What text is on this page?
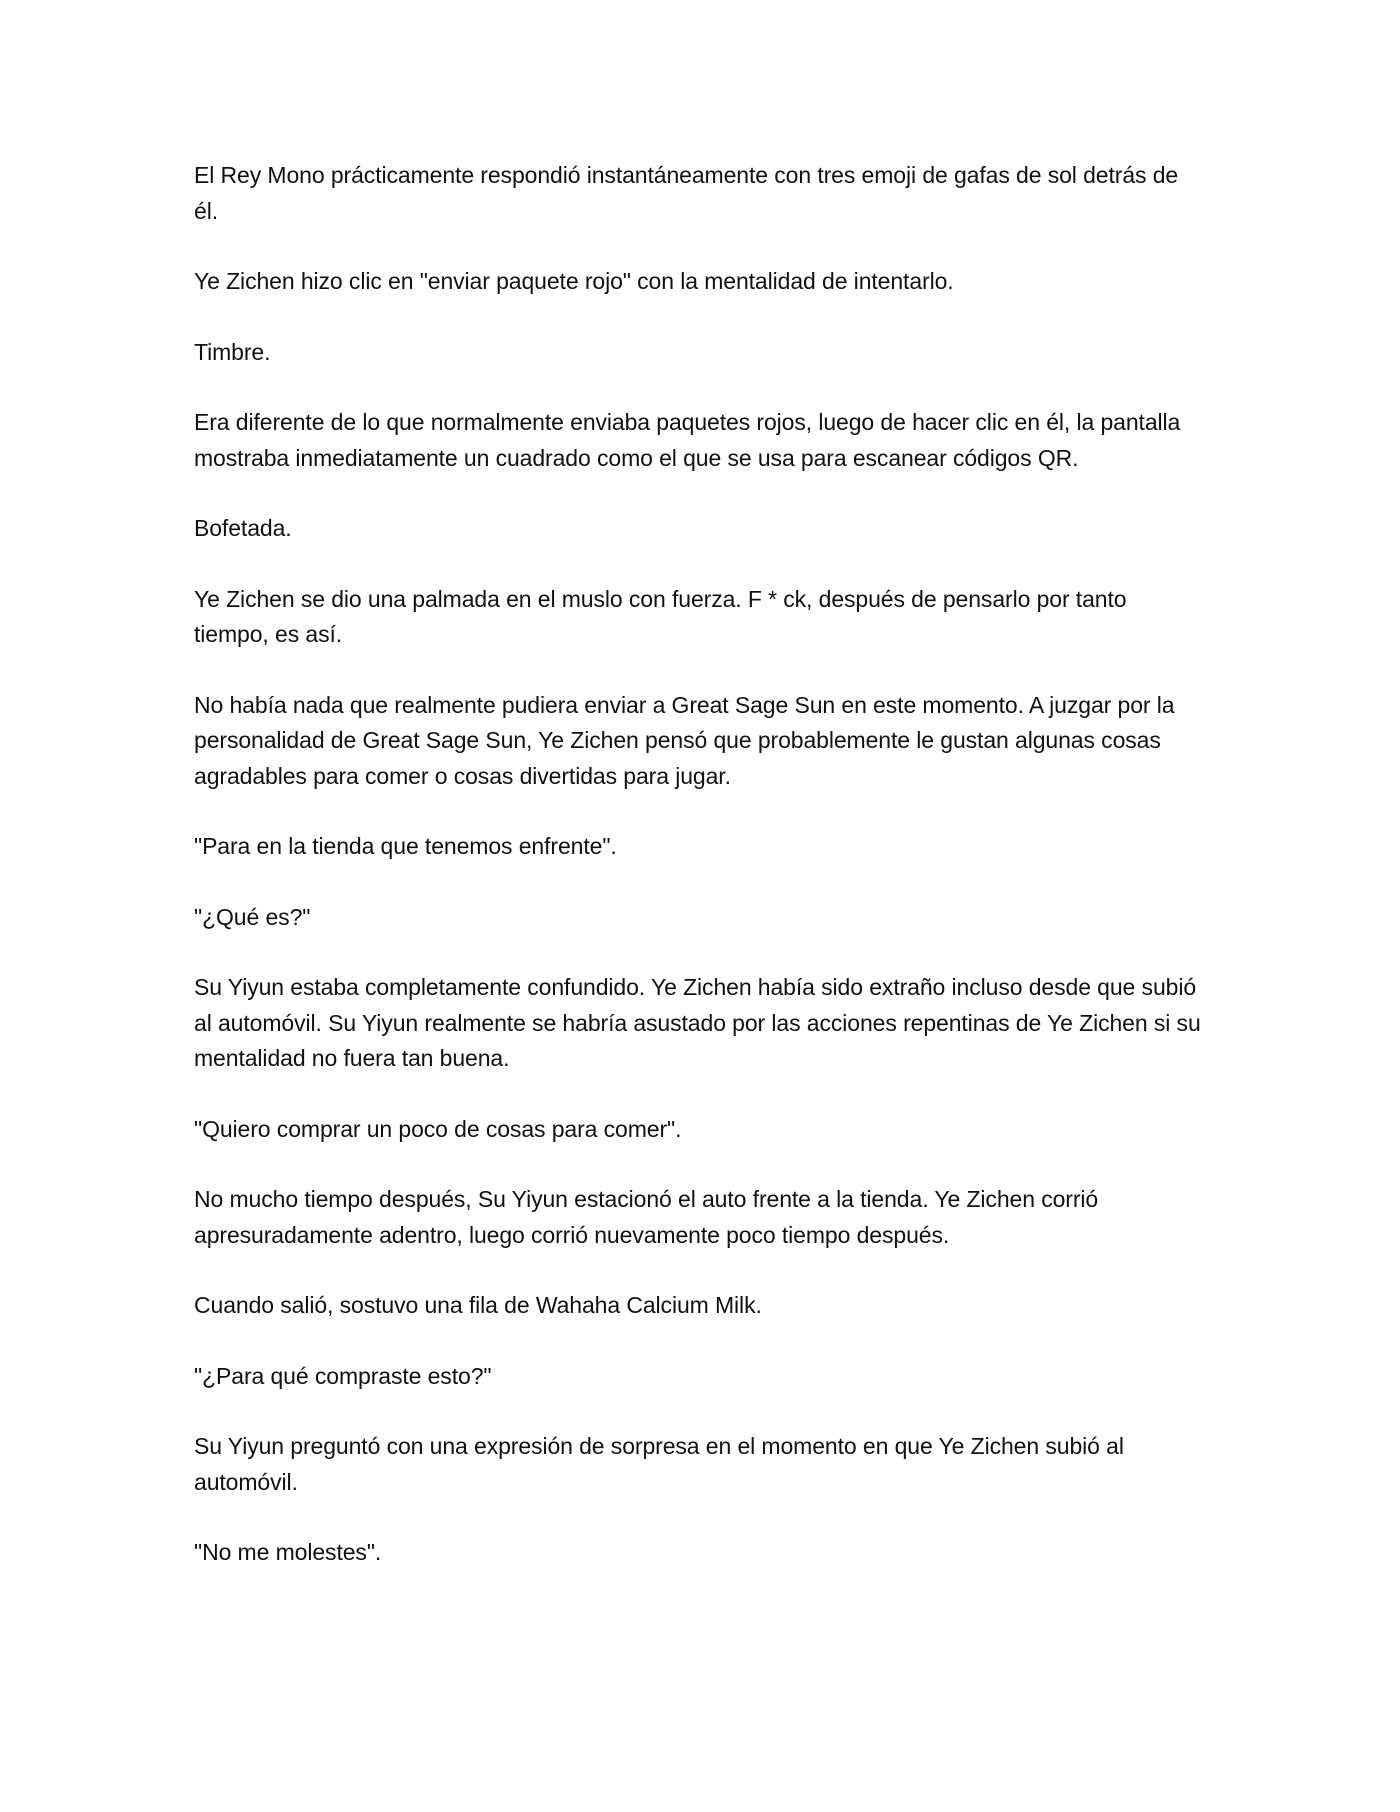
El Rey Mono prácticamente respondió instantáneamente con tres emoji de gafas de sol detrás de él.

Ye Zichen hizo clic en "enviar paquete rojo" con la mentalidad de intentarlo.

Timbre.

Era diferente de lo que normalmente enviaba paquetes rojos, luego de hacer clic en él, la pantalla mostraba inmediatamente un cuadrado como el que se usa para escanear códigos QR.

Bofetada.

Ye Zichen se dio una palmada en el muslo con fuerza. F * ck, después de pensarlo por tanto tiempo, es así.

No había nada que realmente pudiera enviar a Great Sage Sun en este momento. A juzgar por la personalidad de Great Sage Sun, Ye Zichen pensó que probablemente le gustan algunas cosas agradables para comer o cosas divertidas para jugar.

"Para en la tienda que tenemos enfrente".

"¿Qué es?"

Su Yiyun estaba completamente confundido. Ye Zichen había sido extraño incluso desde que subió al automóvil. Su Yiyun realmente se habría asustado por las acciones repentinas de Ye Zichen si su mentalidad no fuera tan buena.

"Quiero comprar un poco de cosas para comer".

No mucho tiempo después, Su Yiyun estacionó el auto frente a la tienda. Ye Zichen corrió apresuradamente adentro, luego corrió nuevamente poco tiempo después.

Cuando salió, sostuvo una fila de Wahaha Calcium Milk.

"¿Para qué compraste esto?"

Su Yiyun preguntó con una expresión de sorpresa en el momento en que Ye Zichen subió al automóvil.

"No me molestes".
